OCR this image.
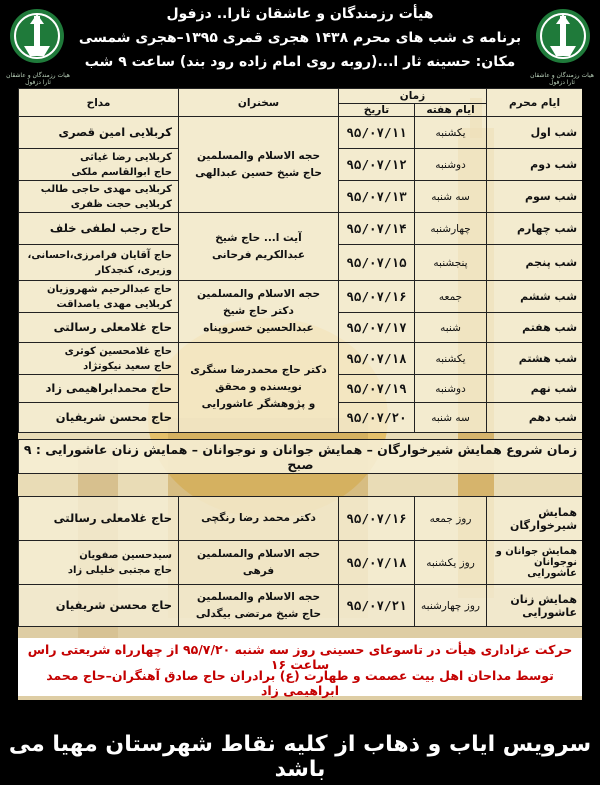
هیات رزمندگان و عاشقان ثارا دزفول
هیات رزمندگان و عاشقان ثارا دزفول
هیأت رزمندگان و عاشقان ثارا.. دزفول
برنامه ی شب های محرم ۱۴۳۸ هجری قمری ۱۳۹۵–هجری شمسی
مکان: حسینه ثار ا...(روبه روی امام زاده رود بند) ساعت ۹ شب
ایام محرم	زمان		سخنران	مداح
	ایام هفته	تاریخ		
شب اول	یکشنبه	۹۵/۰۷/۱۱	حجه الاسلام والمسلمین
حاج شیخ حسین عبدالهی	کربلایی امین قصری
شب دوم	دوشنبه	۹۵/۰۷/۱۲		کربلایی رضا غیاثی
حاج ابوالقاسم ملکی
شب سوم	سه شنبه	۹۵/۰۷/۱۳		کربلایی مهدی حاجی طالب
کربلایی حجت ظفری
شب چهارم	چهارشنبه	۹۵/۰۷/۱۴	آیت ا... حاج شیخ
عبدالکریم فرحانی	حاج رجب لطفی خلف
شب پنجم	پنجشنبه	۹۵/۰۷/۱۵		حاج آقایان فرامرزی،احسانی،
وزیری، کنجدکار
شب ششم	جمعه	۹۵/۰۷/۱۶	حجه الاسلام والمسلمین
دکتر حاج شیخ
عبدالحسین خسروپناه	حاج عبدالرحیم شهروزیان
کربلایی مهدی یاصداقت
شب هفتم	شنبه	۹۵/۰۷/۱۷		حاج غلامعلی رسالتی
شب هشتم	یکشنبه	۹۵/۰۷/۱۸	دکتر حاج محمدرضا سنگری
نویسنده و محقق
و پژوهشگر عاشورایی	حاج غلامحسین کوثری
حاج سعید نیکوتژاد
شب نهم	دوشنبه	۹۵/۰۷/۱۹		حاج محمدابراهیمی زاد
شب دهم	سه شنبه	۹۵/۰۷/۲۰		حاج محسن شریفیان

زمان شروع همایش شیرخوارگان – همایش جوانان و نوجوانان – همایش زنان عاشورایی : ۹ صبح				

همایش
شیرخوارگان	روز جمعه	۹۵/۰۷/۱۶	دکتر محمد رضا رنگچی	حاج غلامعلی رسالتی
همایش جوانان و
نوجوانان عاشورایی	روز یکشنبه	۹۵/۰۷/۱۸	حجه الاسلام والمسلمین
فرهی	سیدحسین صفویان
حاج مجتبی خلیلی زاد
همایش زنان
عاشورایی	روز چهارشنبه	۹۵/۰۷/۲۱	حجه الاسلام والمسلمین
حاج شیخ مرتضی بیگدلی	حاج محسن شریفیان
حرکت عزاداری هیأت در تاسوعای حسینی روز سه شنبه ۹۵/۷/۲۰ از چهارراه شریعتی راس ساعت ۱۶
توسط مداحان اهل بیت عصمت و طهارت (ع) برادران حاج صادق آهنگران–حاج محمد ابراهیمی زاد
سرویس ایاب و ذهاب از کلیه نقاط شهرستان مهیا می باشد
